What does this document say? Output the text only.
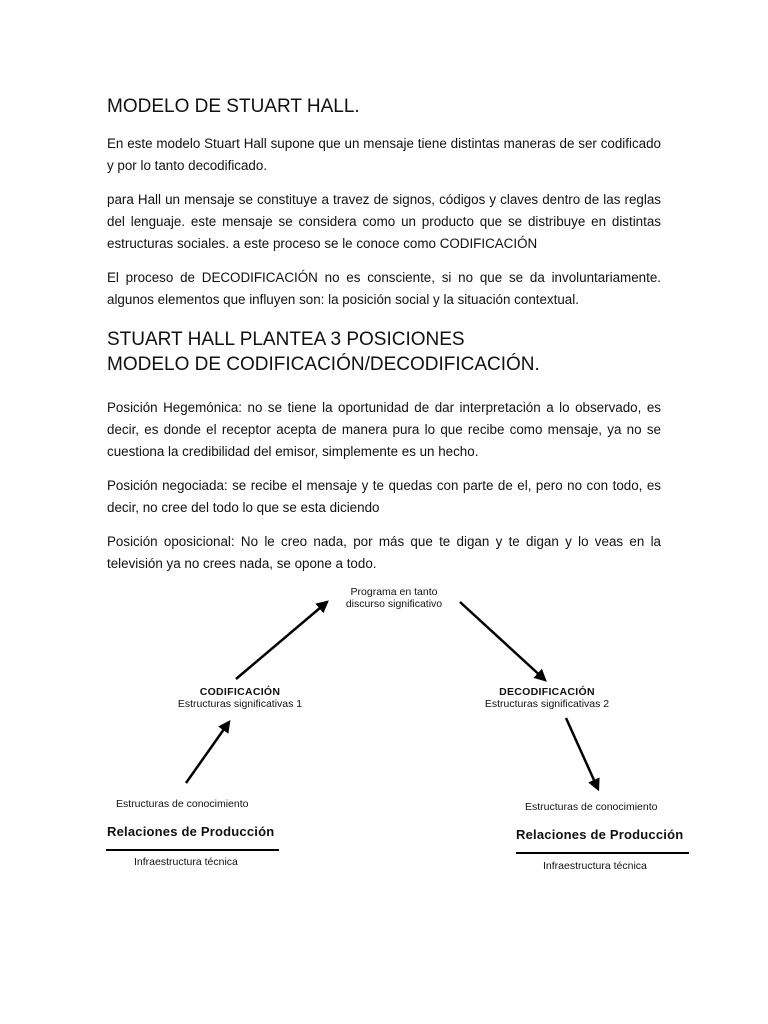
MODELO DE STUART HALL.

En este modelo Stuart Hall supone que un mensaje tiene distintas maneras de ser codificado y por lo tanto decodificado.

para Hall un mensaje se constituye a travez de signos, códigos y claves dentro de las reglas del lenguaje. este mensaje se considera como un producto que se distribuye en distintas estructuras sociales. a este proceso se le conoce como CODIFICACIÓN

El proceso de DECODIFICACIÓN no es consciente, si no que se da involuntariamente. algunos elementos que influyen son: la posición social y la situación contextual.

STUART HALL PLANTEA 3 POSICIONES
MODELO DE CODIFICACIÓN/DECODIFICACIÓN.

Posición Hegemónica: no se tiene la oportunidad de dar interpretación a lo observado, es decir, es donde el receptor acepta de manera pura lo que recibe como mensaje, ya no se cuestiona la credibilidad del emisor, simplemente es un hecho.

Posición negociada: se recibe el mensaje y te quedas con parte de el, pero no con todo, es decir, no cree del todo lo que se esta diciendo

Posición oposicional: No le creo nada, por más que te digan y te digan y lo veas en la televisión ya no crees nada, se opone a todo.

Programa en tanto
discurso significativo
CODIFICACIÓN
Estructuras significativas 1
DECODIFICACIÓN
Estructuras significativas 2
Estructuras de conocimiento
Relaciones de Producción
Infraestructura técnica
Estructuras de conocimiento
Relaciones de Producción
Infraestructura técnica
